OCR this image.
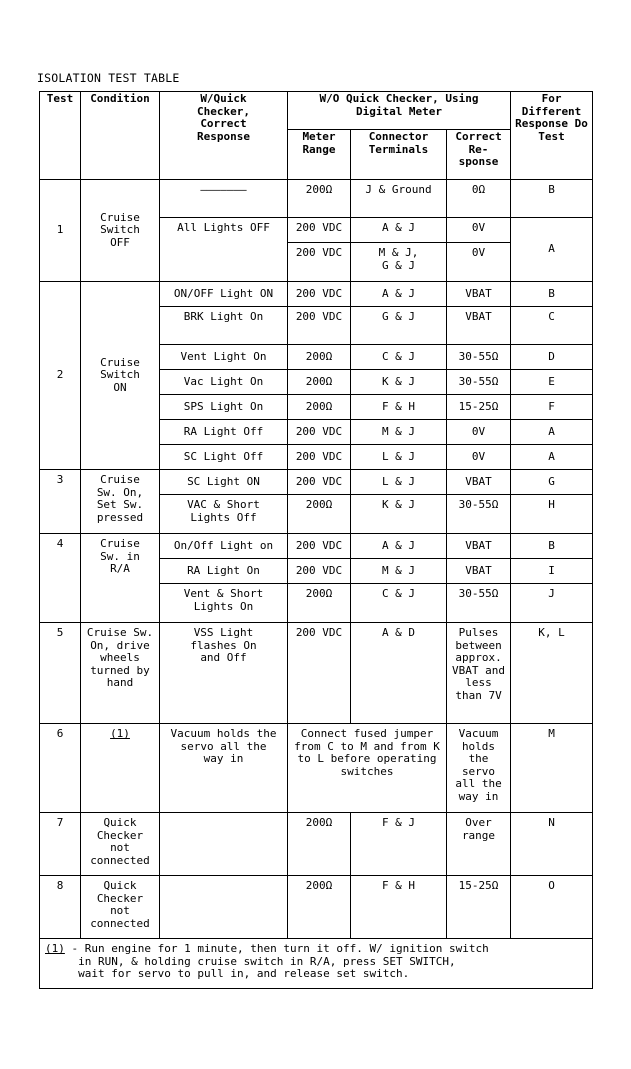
ISOLATION TEST TABLE
Test	Condition	W/Quick Checker, Correct Response	W/O Quick Checker, Using Digital Meter			For Different Response Do Test
			Meter Range	Connector Terminals	Correct Re- sponse	
1	Cruise Switch OFF	———————	200Ω	J & Ground	0Ω	B
		All Lights OFF	200 VDC	A & J	0V	A
			200 VDC	M & J, G & J	0V	
2	Cruise Switch ON	ON/OFF Light ON	200 VDC	A & J	VBAT	B
		BRK Light On	200 VDC	G & J	VBAT	C
		Vent Light On	200Ω	C & J	30-55Ω	D
		Vac Light On	200Ω	K & J	30-55Ω	E
		SPS Light On	200Ω	F & H	15-25Ω	F
		RA Light Off	200 VDC	M & J	0V	A
		SC Light Off	200 VDC	L & J	0V	A
3	Cruise Sw. On, Set Sw. pressed	SC Light ON	200 VDC	L & J	VBAT	G
		VAC & Short Lights Off	200Ω	K & J	30-55Ω	H
4	Cruise Sw. in R/A	On/Off Light on	200 VDC	A & J	VBAT	B
		RA Light On	200 VDC	M & J	VBAT	I
		Vent & Short Lights On	200Ω	C & J	30-55Ω	J
5	Cruise Sw. On, drive wheels turned by hand	VSS Light flashes On and Off	200 VDC	A & D	Pulses between approx. VBAT and less than 7V	K, L
6	(1)	Vacuum holds the servo all the way in	Connect fused jumper from C to M and from K to L before operating switches		Vacuum holds the servo all the way in	M
7	Quick Checker not connected		200Ω	F & J	Over range	N
8	Quick Checker not connected		200Ω	F & H	15-25Ω	O
(1) - Run engine for 1 minute, then turn it off. W/ ignition switch
in RUN, & holding cruise switch in R/A, press SET SWITCH,
wait for servo to pull in, and release set switch.						
